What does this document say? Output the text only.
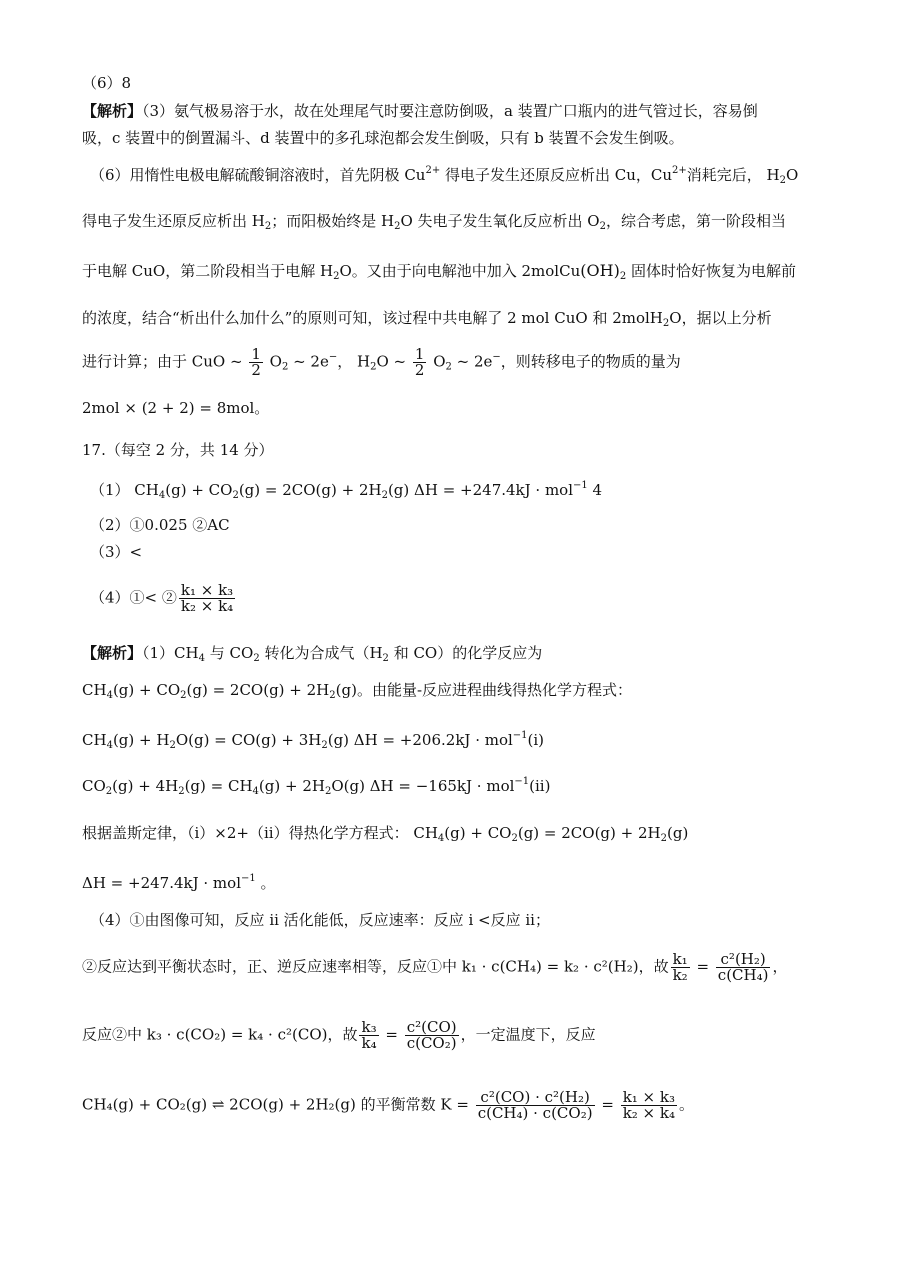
（6）8
【解析】（3）氨气极易溶于水，故在处理尾气时要注意防倒吸，a 装置广口瓶内的进气管过长，容易倒
吸，c 装置中的倒置漏斗、d 装置中的多孔球泡都会发生倒吸，只有 b 装置不会发生倒吸。
（6）用惰性电极电解硫酸铜溶液时，首先阴极 $Cu^{2+}$ 得电子发生还原反应析出 Cu，$Cu^{2+}$消耗完后， $H_2O$
得电子发生还原反应析出 $H_2$；而阳极始终是 $H_2O$ 失电子发生氧化反应析出 $O_2$，综合考虑，第一阶段相当
于电解 CuO，第二阶段相当于电解 $H_2O$。又由于向电解池中加入 $2molCu(OH)_2$ 固体时恰好恢复为电解前
的浓度，结合“析出什么加什么”的原则可知，该过程中共电解了 2 mol CuO 和 2molH$_2$O，据以上分析
进行计算；由于 CuO ~ $\frac{1}{2} O_2$ ~ 2e−， $H_2O$ ~ $\frac{1}{2} O_2$ ~ 2e−，则转移电子的物质的量为
2mol × (2 + 2) = 8mol。
17.（每空 2 分，共 14 分）
（1） $CH_4(g) + CO_2(g) = 2CO(g) + 2H_2(g) \Delta H = +247.4kJ \cdot mol^{-1}$ 4
（2）①0.025 ②AC
（3）<
（4）①< ② $\frac{\text{k₁ × k₃}}{\text{k₂ × k₄}}$
【解析】$(1)CH_4$ 与 $CO_2$ 转化为合成气（$H_2$ 和 CO）的化学反应为
$CH_4(g) + CO_2(g) = 2CO(g) + 2H_2(g)$。由能量-反应进程曲线得热化学方程式：
$CH_4(g) + H_2O(g) = CO(g) + 3H_2(g) \Delta H = +206.2kJ \cdot mol^{-1}(i)$
$CO_2(g) + 4H_2(g) = CH_4(g) + 2H_2O(g) \Delta H = -165kJ \cdot mol^{-1}(ii)$
根据盖斯定律，（i）×2+（ii）得热化学方程式： $CH_4(g) + CO_2(g) = 2CO(g) + 2H_2(g)$
ΔH = +247.4kJ · mol$^{-1}$ 。
（4）①由图像可知，反应 ii 活化能低，反应速率：反应 i <反应 ii；
②反应达到平衡状态时，正、逆反应速率相等，反应①中 k₁ · c(CH₄) = k₂ · c²(H₂)，故 $\frac{\text{k₁}}{\text{k₂}} = \frac{\text{c²(H₂)}}{\text{c(CH₄)}}$ ，
反应②中 k₃ · c(CO₂) = k₄ · c²(CO)，故 $\frac{\text{k₃}}{\text{k₄}} = \frac{\text{c²(CO)}}{\text{c(CO₂)}}$ ，一定温度下，反应
CH₄(g) + CO₂(g) ⇌ 2CO(g) + 2H₂(g) 的平衡常数 $K = \frac{\text{c²(CO) · c²(H₂)}}{\text{c(CH₄) · c(CO₂)}} = \frac{\text{k₁ × k₃}}{\text{k₂ × k₄}}$ 。
